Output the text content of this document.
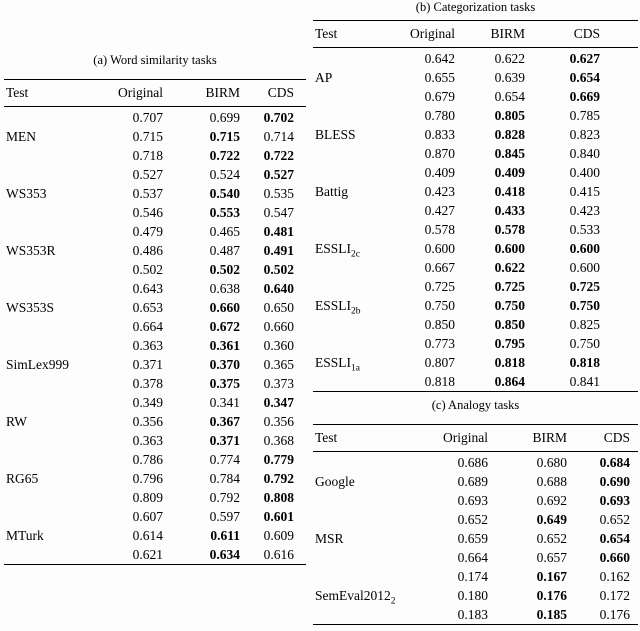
(a) Word similarity tasks
Test	Original	BIRM	CDS
MEN	0.707	0.699	0.702
	0.715	0.715	0.714
	0.718	0.722	0.722
WS353	0.527	0.524	0.527
	0.537	0.540	0.535
	0.546	0.553	0.547
WS353R	0.479	0.465	0.481
	0.486	0.487	0.491
	0.502	0.502	0.502
WS353S	0.643	0.638	0.640
	0.653	0.660	0.650
	0.664	0.672	0.660
SimLex999	0.363	0.361	0.360
	0.371	0.370	0.365
	0.378	0.375	0.373
RW	0.349	0.341	0.347
	0.356	0.367	0.356
	0.363	0.371	0.368
RG65	0.786	0.774	0.779
	0.796	0.784	0.792
	0.809	0.792	0.808
MTurk	0.607	0.597	0.601
	0.614	0.611	0.609
	0.621	0.634	0.616
(b) Categorization tasks
Test	Original	BIRM	CDS
AP	0.642	0.622	0.627
	0.655	0.639	0.654
	0.679	0.654	0.669
BLESS	0.780	0.805	0.785
	0.833	0.828	0.823
	0.870	0.845	0.840
Battig	0.409	0.409	0.400
	0.423	0.418	0.415
	0.427	0.433	0.423
$ESSLI_{2c}$	0.578	0.578	0.533
	0.600	0.600	0.600
	0.667	0.622	0.600
$ESSLI_{2b}$	0.725	0.725	0.725
	0.750	0.750	0.750
	0.850	0.850	0.825
$ESSLI_{1a}$	0.773	0.795	0.750
	0.807	0.818	0.818
	0.818	0.864	0.841
(c) Analogy tasks
Test	Original	BIRM	CDS
Google	0.686	0.680	0.684
	0.689	0.688	0.690
	0.693	0.692	0.693
MSR	0.652	0.649	0.652
	0.659	0.652	0.654
	0.664	0.657	0.660
$SemEval2012_2$	0.174	0.167	0.162
	0.180	0.176	0.172
	0.183	0.185	0.176
